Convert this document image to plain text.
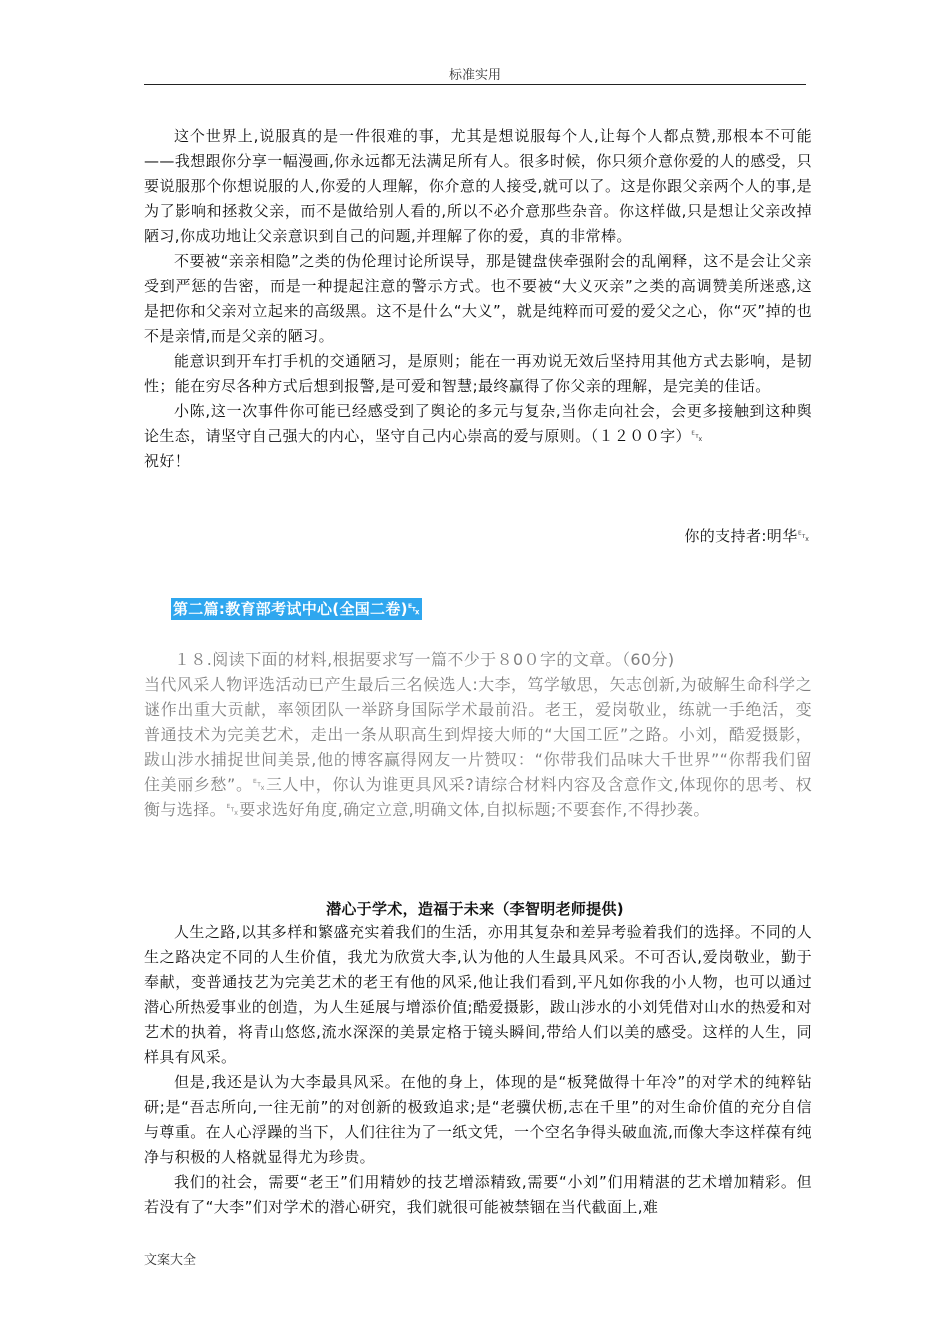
标准实用

这个世界上,说服真的是一件很难的事，尤其是想说服每个人,让每个人都点赞,那根本不可能——我想跟你分享一幅漫画,你永远都无法满足所有人。很多时候，你只须介意你爱的人的感受，只要说服那个你想说服的人,你爱的人理解，你介意的人接受,就可以了。这是你跟父亲两个人的事,是为了影响和拯救父亲，而不是做给别人看的,所以不必介意那些杂音。你这样做,只是想让父亲改掉陋习,你成功地让父亲意识到自己的问题,并理解了你的爱，真的非常棒。

不要被“亲亲相隐”之类的伪伦理讨论所误导，那是键盘侠牵强附会的乱阐释，这不是会让父亲受到严惩的告密，而是一种提起注意的警示方式。也不要被“大义灭亲”之类的高调赞美所迷惑,这是把你和父亲对立起来的高级黑。这不是什么“大义”，就是纯粹而可爱的爱父之心，你“灭”掉的也不是亲情,而是父亲的陋习。

能意识到开车打手机的交通陋习，是原则；能在一再劝说无效后坚持用其他方式去影响，是韧性；能在穷尽各种方式后想到报警,是可爱和智慧;最终赢得了你父亲的理解，是完美的佳话。

小陈,这一次事件你可能已经感受到了舆论的多元与复杂,当你走向社会，会更多接触到这种舆论生态，请坚守自己强大的内心，坚守自己内心崇高的爱与原则。（１２００字）␃

祝好！

你的支持者:明华␃
第二篇:教育部考试中心(全国二卷)␃

１８.阅读下面的材料,根据要求写一篇不少于８0０字的文章。（60分)

当代风采人物评选活动已产生最后三名候选人:大李，笃学敏思，矢志创新,为破解生命科学之谜作出重大贡献，率领团队一举跻身国际学术最前沿。老王，爱岗敬业，练就一手绝活，变普通技术为完美艺术，走出一条从职高生到焊接大师的“大国工匠”之路。小刘，酷爱摄影，跋山涉水捕捉世间美景,他的博客赢得网友一片赞叹：“你带我们品味大千世界”“你帮我们留住美丽乡愁”。␃三人中，你认为谁更具风采?请综合材料内容及含意作文,体现你的思考、权衡与选择。␃要求选好角度,确定立意,明确文体,自拟标题;不要套作,不得抄袭。

潜心于学术，造福于未来（李智明老师提供)

人生之路,以其多样和繁盛充实着我们的生活，亦用其复杂和差异考验着我们的选择。不同的人生之路决定不同的人生价值，我尤为欣赏大李,认为他的人生最具风采。不可否认,爱岗敬业，勤于奉献，变普通技艺为完美艺术的老王有他的风采,他让我们看到,平凡如你我的小人物，也可以通过潜心所热爱事业的创造，为人生延展与增添价值;酷爱摄影，跋山涉水的小刘凭借对山水的热爱和对艺术的执着，将青山悠悠,流水深深的美景定格于镜头瞬间,带给人们以美的感受。这样的人生，同样具有风采。

但是,我还是认为大李最具风采。在他的身上，体现的是“板凳做得十年冷”的对学术的纯粹钻研;是“吾志所向,一往无前”的对创新的极致追求;是“老骥伏枥,志在千里”的对生命价值的充分自信与尊重。在人心浮躁的当下，人们往往为了一纸文凭，一个空名争得头破血流,而像大李这样葆有纯净与积极的人格就显得尤为珍贵。

我们的社会，需要“老王”们用精妙的技艺增添精致,需要“小刘”们用精湛的艺术增加精彩。但若没有了“大李”们对学术的潜心研究，我们就很可能被禁锢在当代截面上,难

文案大全
